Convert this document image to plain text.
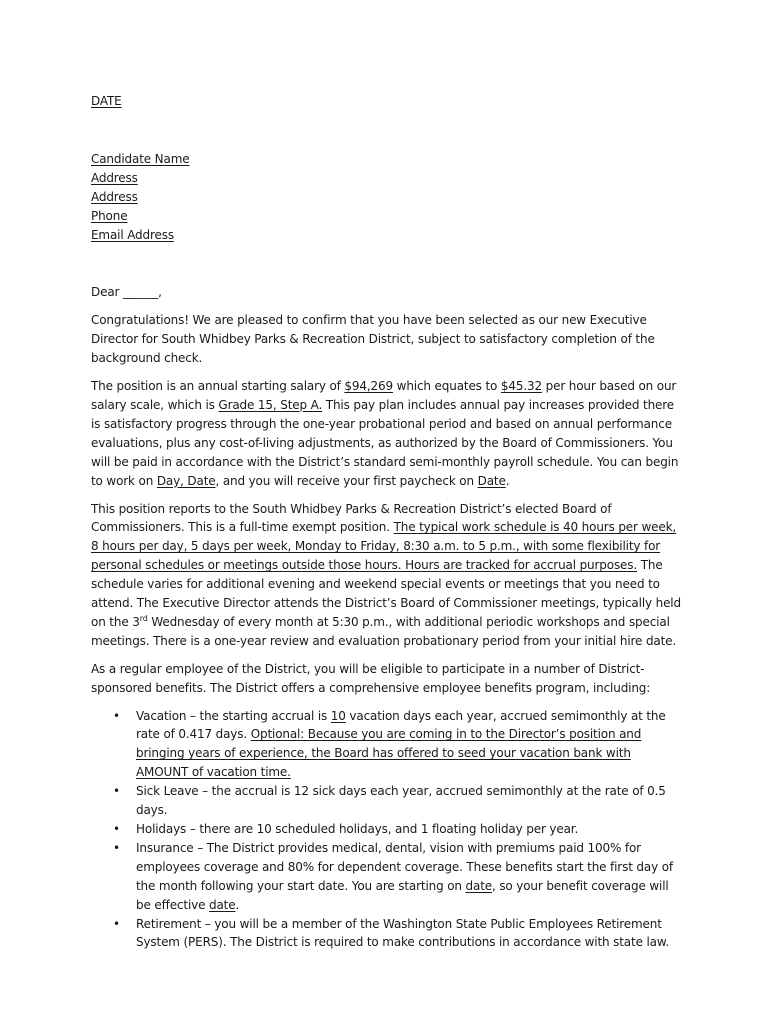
DATE

Candidate Name
Address
Address
Phone
Email Address

Dear ______,

Congratulations! We are pleased to confirm that you have been selected as our new Executive Director for South Whidbey Parks & Recreation District, subject to satisfactory completion of the background check.

The position is an annual starting salary of $94,269 which equates to $45.32 per hour based on our salary scale, which is Grade 15, Step A. This pay plan includes annual pay increases provided there is satisfactory progress through the one-year probational period and based on annual performance evaluations, plus any cost-of-living adjustments, as authorized by the Board of Commissioners. You will be paid in accordance with the District’s standard semi-monthly payroll schedule. You can begin to work on Day, Date, and you will receive your first paycheck on Date.

This position reports to the South Whidbey Parks & Recreation District’s elected Board of Commissioners. This is a full-time exempt position. The typical work schedule is 40 hours per week, 8 hours per day, 5 days per week, Monday to Friday, 8:30 a.m. to 5 p.m., with some flexibility for personal schedules or meetings outside those hours. Hours are tracked for accrual purposes. The schedule varies for additional evening and weekend special events or meetings that you need to attend. The Executive Director attends the District’s Board of Commissioner meetings, typically held on the 3rd Wednesday of every month at 5:30 p.m., with additional periodic workshops and special meetings. There is a one-year review and evaluation probationary period from your initial hire date.

As a regular employee of the District, you will be eligible to participate in a number of District-sponsored benefits. The District offers a comprehensive employee benefits program, including:

• Vacation – the starting accrual is 10 vacation days each year, accrued semimonthly at the rate of 0.417 days. Optional: Because you are coming in to the Director’s position and bringing years of experience, the Board has offered to seed your vacation bank with AMOUNT of vacation time.
• Sick Leave – the accrual is 12 sick days each year, accrued semimonthly at the rate of 0.5 days.
• Holidays – there are 10 scheduled holidays, and 1 floating holiday per year.
• Insurance – The District provides medical, dental, vision with premiums paid 100% for employees coverage and 80% for dependent coverage. These benefits start the first day of the month following your start date. You are starting on date, so your benefit coverage will be effective date.
• Retirement – you will be a member of the Washington State Public Employees Retirement System (PERS). The District is required to make contributions in accordance with state law.
